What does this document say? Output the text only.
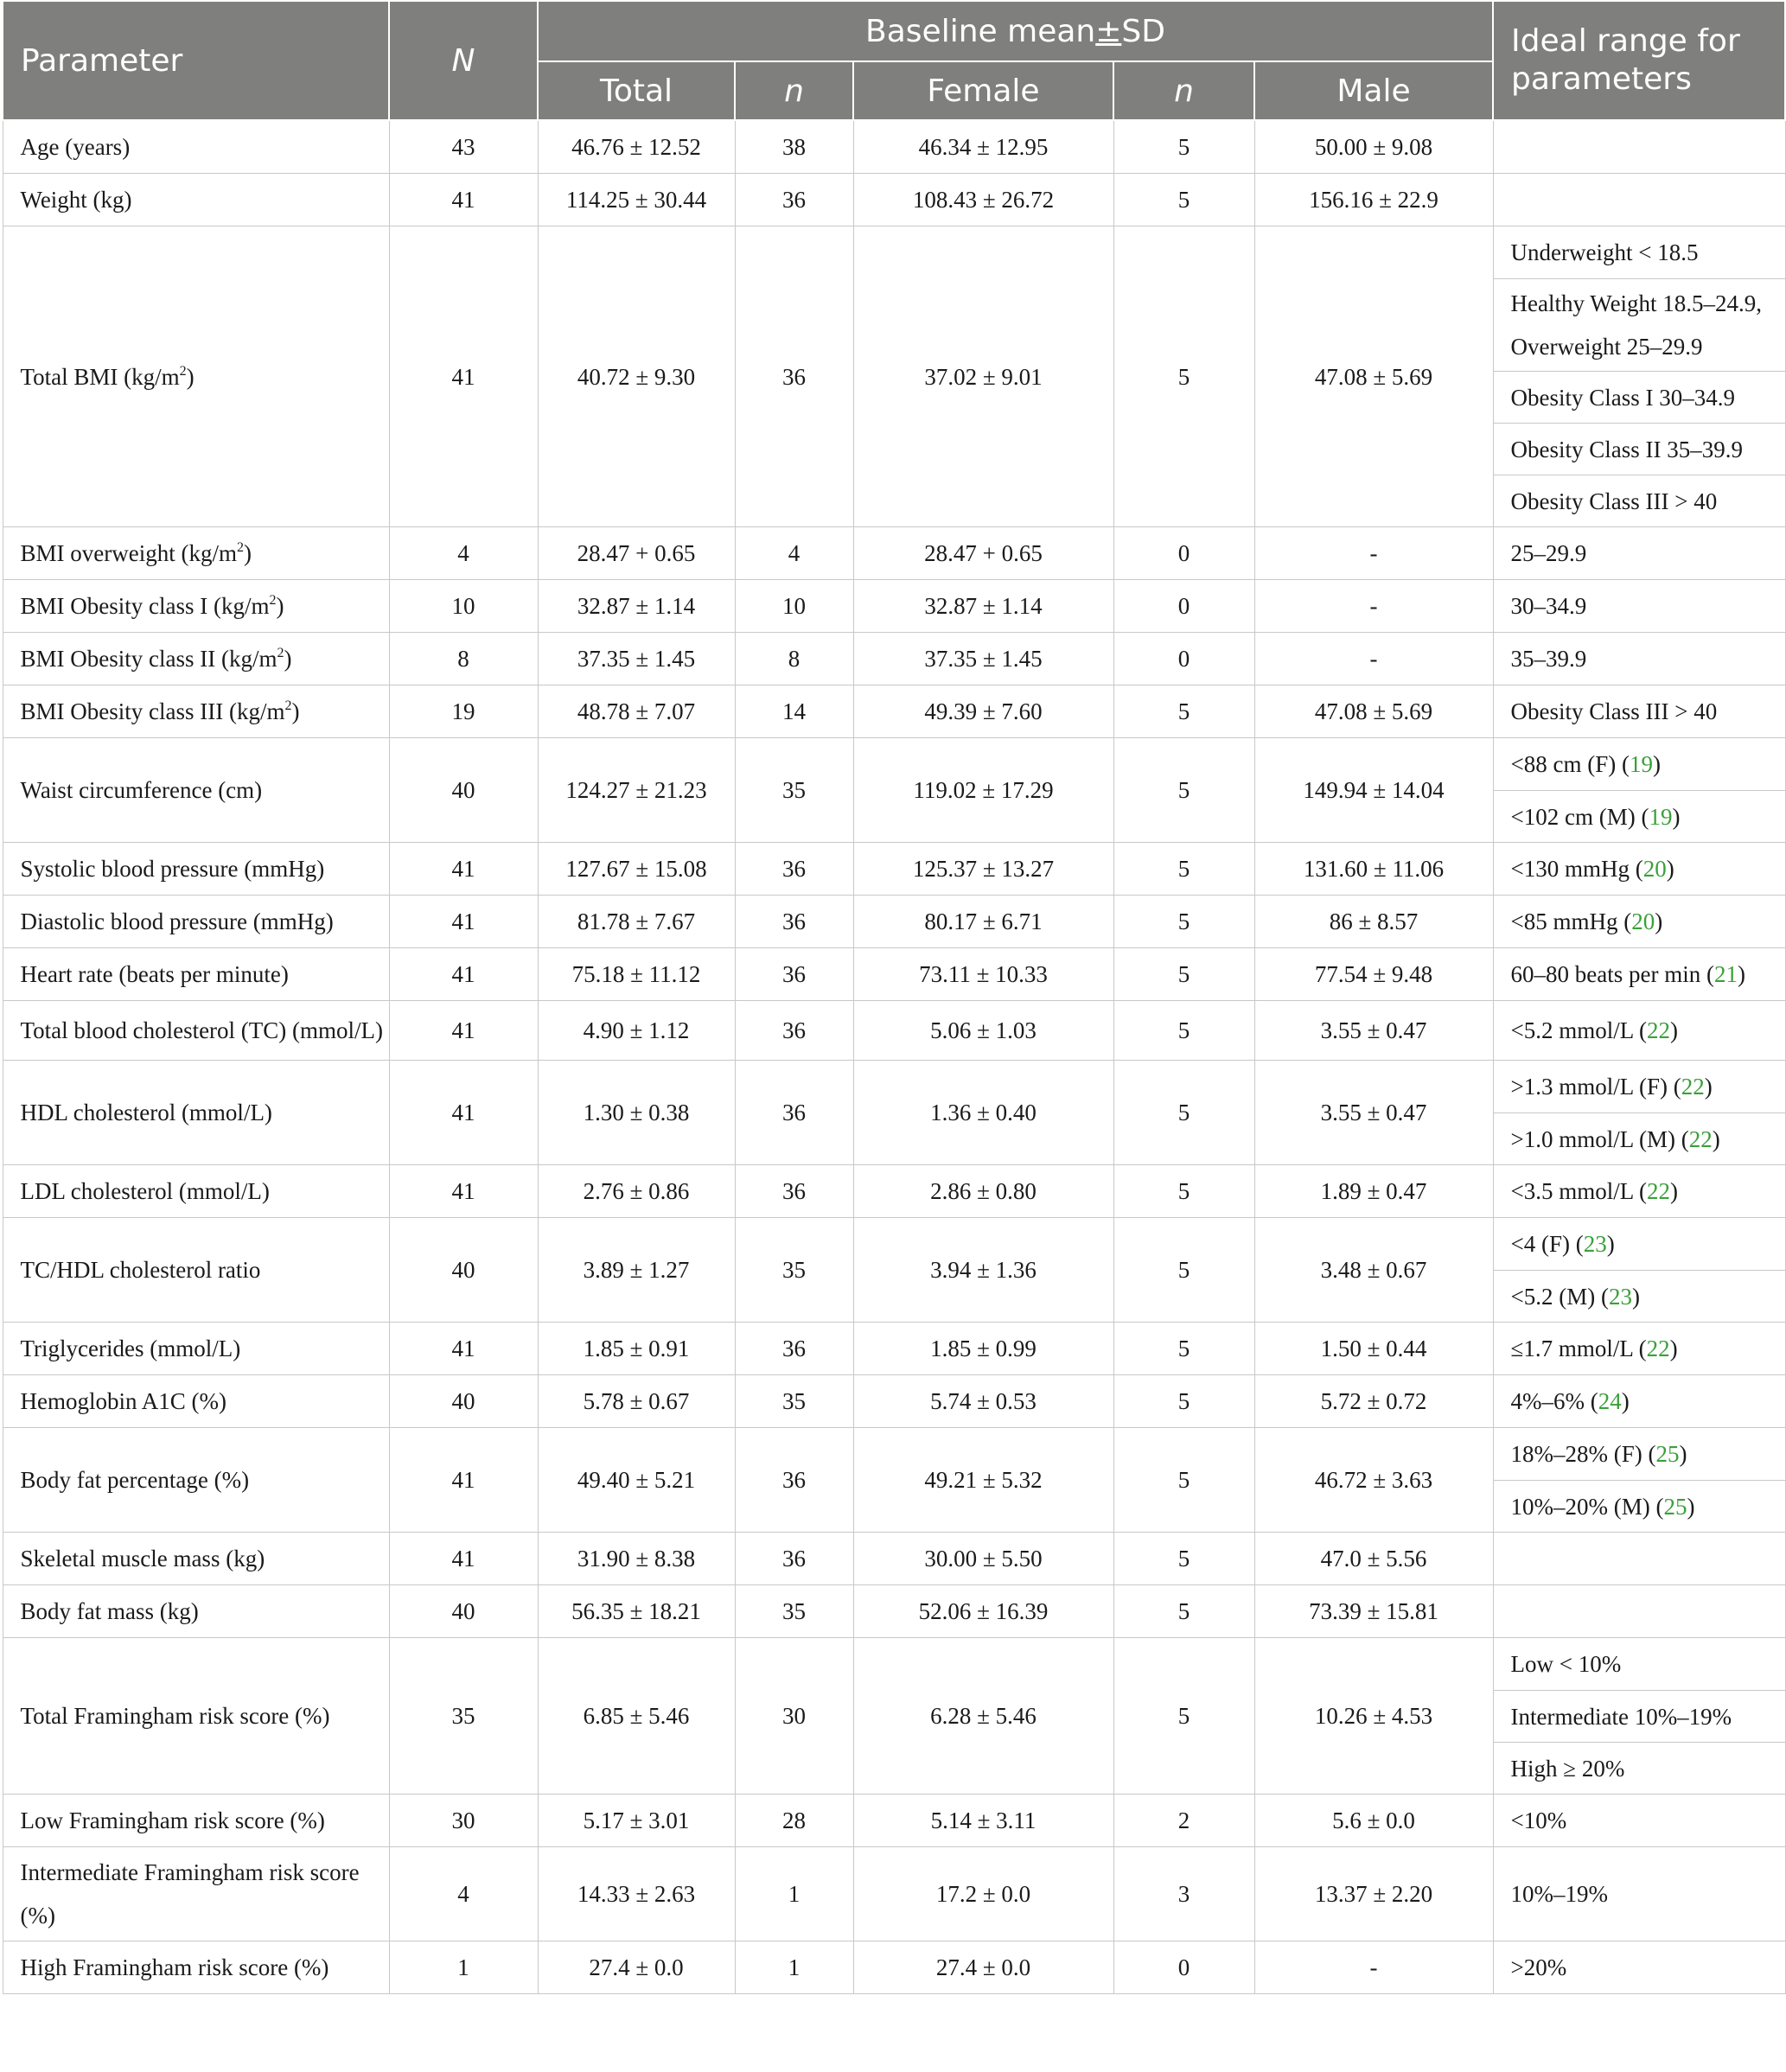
Parameter	N	Baseline mean±SD					Ideal range for parameters
		Total	n	Female	n	Male	
Age (years)	43	46.76 ± 12.52	38	46.34 ± 12.95	5	50.00 ± 9.08	
Weight (kg)	41	114.25 ± 30.44	36	108.43 ± 26.72	5	156.16 ± 22.9	
Total BMI $(kg/m^2)$	41	40.72 ± 9.30	36	37.02 ± 9.01	5	47.08 ± 5.69	Underweight < 18.5
							Healthy Weight 18.5–24.9, Overweight 25–29.9
							Obesity Class I 30–34.9
							Obesity Class II 35–39.9
							Obesity Class III > 40
BMI overweight $(kg/m^2)$	4	28.47 + 0.65	4	28.47 + 0.65	0	-	25–29.9
BMI Obesity class I $(kg/m^2)$	10	32.87 ± 1.14	10	32.87 ± 1.14	0	-	30–34.9
BMI Obesity class II $(kg/m^2)$	8	37.35 ± 1.45	8	37.35 ± 1.45	0	-	35–39.9
BMI Obesity class III $(kg/m^2)$	19	48.78 ± 7.07	14	49.39 ± 7.60	5	47.08 ± 5.69	Obesity Class III > 40
Waist circumference (cm)	40	124.27 ± 21.23	35	119.02 ± 17.29	5	149.94 ± 14.04	<88 cm (F) (19)
							<102 cm (M) (19)
Systolic blood pressure (mmHg)	41	127.67 ± 15.08	36	125.37 ± 13.27	5	131.60 ± 11.06	<130 mmHg (20)
Diastolic blood pressure (mmHg)	41	81.78 ± 7.67	36	80.17 ± 6.71	5	86 ± 8.57	<85 mmHg (20)
Heart rate (beats per minute)	41	75.18 ± 11.12	36	73.11 ± 10.33	5	77.54 ± 9.48	60–80 beats per min (21)
Total blood cholesterol (TC) (mmol/L)	41	4.90 ± 1.12	36	5.06 ± 1.03	5	3.55 ± 0.47	<5.2 mmol/L (22)
HDL cholesterol (mmol/L)	41	1.30 ± 0.38	36	1.36 ± 0.40	5	3.55 ± 0.47	>1.3 mmol/L (F) (22)
							>1.0 mmol/L (M) (22)
LDL cholesterol (mmol/L)	41	2.76 ± 0.86	36	2.86 ± 0.80	5	1.89 ± 0.47	<3.5 mmol/L (22)
TC/HDL cholesterol ratio	40	3.89 ± 1.27	35	3.94 ± 1.36	5	3.48 ± 0.67	<4 (F) (23)
							<5.2 (M) (23)
Triglycerides (mmol/L)	41	1.85 ± 0.91	36	1.85 ± 0.99	5	1.50 ± 0.44	≤1.7 mmol/L (22)
Hemoglobin A1C (%)	40	5.78 ± 0.67	35	5.74 ± 0.53	5	5.72 ± 0.72	4%–6% (24)
Body fat percentage (%)	41	49.40 ± 5.21	36	49.21 ± 5.32	5	46.72 ± 3.63	18%–28% (F) (25)
							10%–20% (M) (25)
Skeletal muscle mass (kg)	41	31.90 ± 8.38	36	30.00 ± 5.50	5	47.0 ± 5.56	
Body fat mass (kg)	40	56.35 ± 18.21	35	52.06 ± 16.39	5	73.39 ± 15.81	
Total Framingham risk score (%)	35	6.85 ± 5.46	30	6.28 ± 5.46	5	10.26 ± 4.53	Low < 10%
							Intermediate 10%–19%
							High ≥ 20%
Low Framingham risk score (%)	30	5.17 ± 3.01	28	5.14 ± 3.11	2	5.6 ± 0.0	<10%
Intermediate Framingham risk score (%)	4	14.33 ± 2.63	1	17.2 ± 0.0	3	13.37 ± 2.20	10%–19%
High Framingham risk score (%)	1	27.4 ± 0.0	1	27.4 ± 0.0	0	-	>20%
